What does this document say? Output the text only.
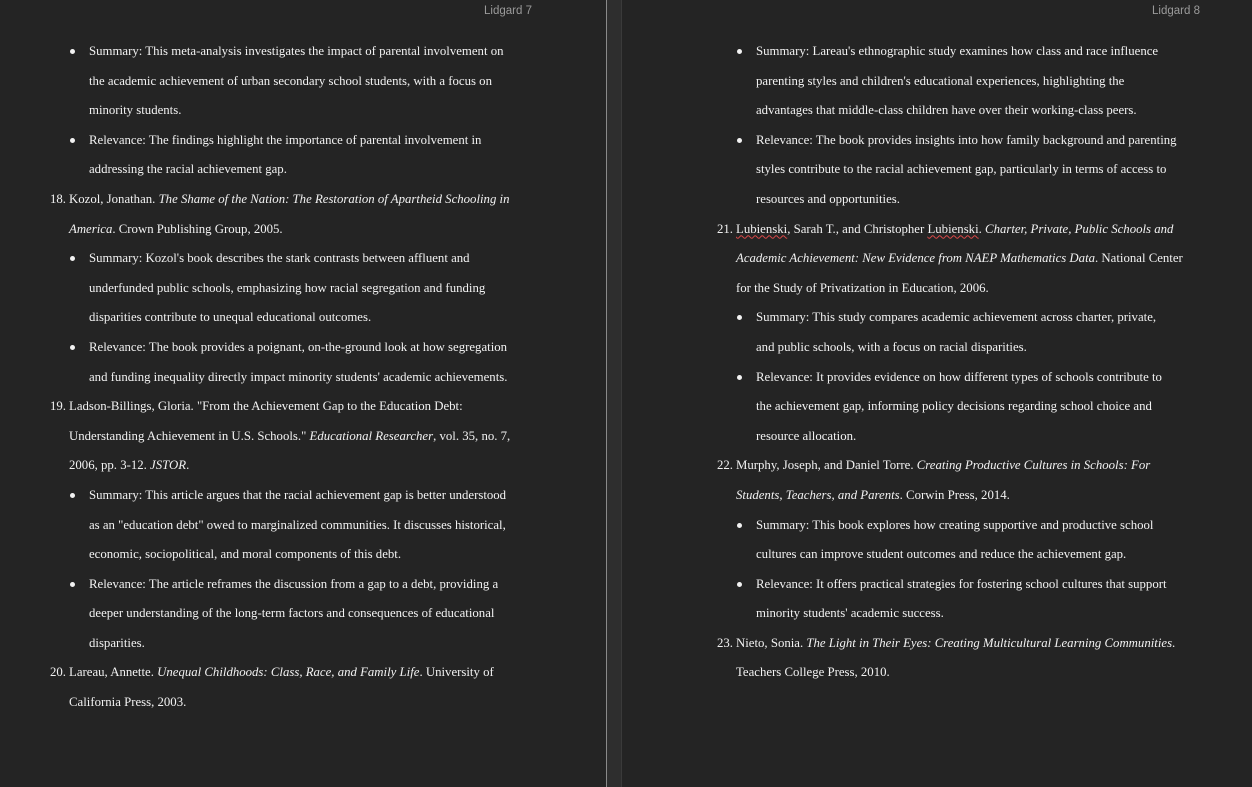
Lidgard 7
Summary: This meta-analysis investigates the impact of parental involvement on
the academic achievement of urban secondary school students, with a focus on
minority students.
Relevance: The findings highlight the importance of parental involvement in
addressing the racial achievement gap.
18. Kozol, Jonathan. The Shame of the Nation: The Restoration of Apartheid Schooling in
America. Crown Publishing Group, 2005.
Summary: Kozol's book describes the stark contrasts between affluent and
underfunded public schools, emphasizing how racial segregation and funding
disparities contribute to unequal educational outcomes.
Relevance: The book provides a poignant, on-the-ground look at how segregation
and funding inequality directly impact minority students' academic achievements.
19. Ladson-Billings, Gloria. "From the Achievement Gap to the Education Debt:
Understanding Achievement in U.S. Schools." Educational Researcher, vol. 35, no. 7,
2006, pp. 3-12. JSTOR.
Summary: This article argues that the racial achievement gap is better understood
as an "education debt" owed to marginalized communities. It discusses historical,
economic, sociopolitical, and moral components of this debt.
Relevance: The article reframes the discussion from a gap to a debt, providing a
deeper understanding of the long-term factors and consequences of educational
disparities.
20. Lareau, Annette. Unequal Childhoods: Class, Race, and Family Life. University of
California Press, 2003.
Lidgard 8
Summary: Lareau's ethnographic study examines how class and race influence
parenting styles and children's educational experiences, highlighting the
advantages that middle-class children have over their working-class peers.
Relevance: The book provides insights into how family background and parenting
styles contribute to the racial achievement gap, particularly in terms of access to
resources and opportunities.
21. Lubienski, Sarah T., and Christopher Lubienski. Charter, Private, Public Schools and
Academic Achievement: New Evidence from NAEP Mathematics Data. National Center
for the Study of Privatization in Education, 2006.
Summary: This study compares academic achievement across charter, private,
and public schools, with a focus on racial disparities.
Relevance: It provides evidence on how different types of schools contribute to
the achievement gap, informing policy decisions regarding school choice and
resource allocation.
22. Murphy, Joseph, and Daniel Torre. Creating Productive Cultures in Schools: For
Students, Teachers, and Parents. Corwin Press, 2014.
Summary: This book explores how creating supportive and productive school
cultures can improve student outcomes and reduce the achievement gap.
Relevance: It offers practical strategies for fostering school cultures that support
minority students' academic success.
23. Nieto, Sonia. The Light in Their Eyes: Creating Multicultural Learning Communities.
Teachers College Press, 2010.
